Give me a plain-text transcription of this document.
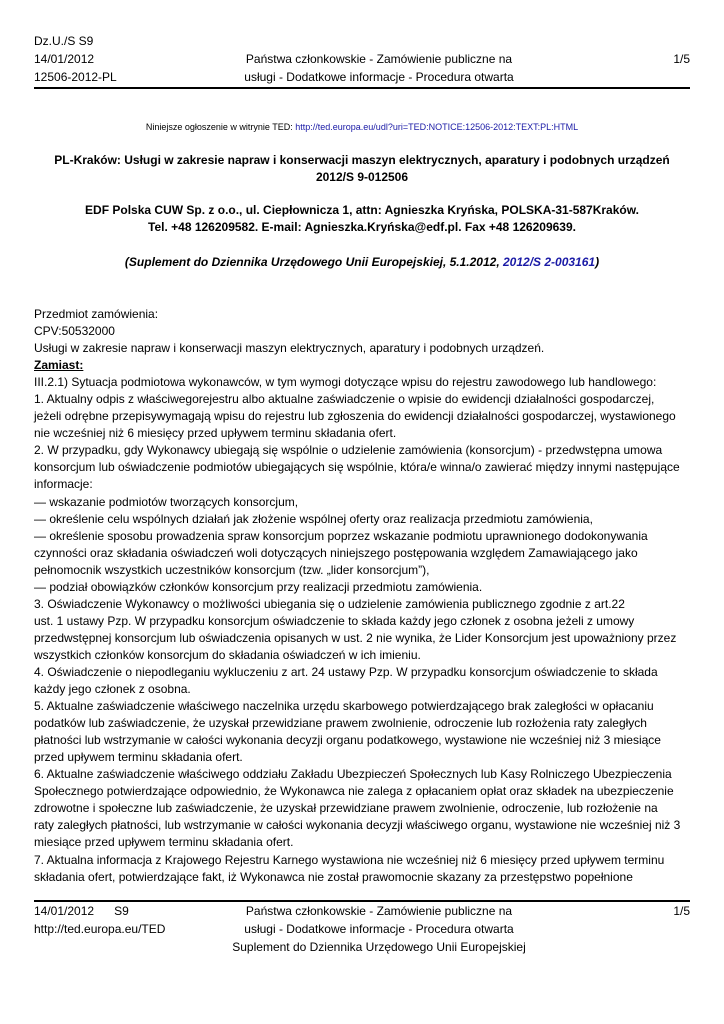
Dz.U./S S9
14/01/2012
12506-2012-PL
Państwa członkowskie - Zamówienie publiczne na
usługi - Dodatkowe informacje - Procedura otwarta
1/5
Niniejsze ogłoszenie w witrynie TED: http://ted.europa.eu/udl?uri=TED:NOTICE:12506-2012:TEXT:PL:HTML
PL-Kraków: Usługi w zakresie napraw i konserwacji maszyn elektrycznych, aparatury i podobnych urządzeń
2012/S 9-012506
EDF Polska CUW Sp. z o.o., ul. Ciepłownicza 1, attn: Agnieszka Kryńska, POLSKA-31-587Kraków.
Tel. +48 126209582. E-mail: Agnieszka.Kryńska@edf.pl. Fax +48 126209639.
(Suplement do Dziennika Urzędowego Unii Europejskiej, 5.1.2012, 2012/S 2-003161)
Przedmiot zamówienia:
CPV:50532000
Usługi w zakresie napraw i konserwacji maszyn elektrycznych, aparatury i podobnych urządzeń.
Zamiast:
III.2.1) Sytuacja podmiotowa wykonawców, w tym wymogi dotyczące wpisu do rejestru zawodowego lub handlowego:
1. Aktualny odpis z właściwegorejestru albo aktualne zaświadczenie o wpisie do ewidencji działalności gospodarczej,
jeżeli odrębne przepisywymagają wpisu do rejestru lub zgłoszenia do ewidencji działalności gospodarczej, wystawionego
nie wcześniej niż 6 miesięcy przed upływem terminu składania ofert.
2. W przypadku, gdy Wykonawcy ubiegają się wspólnie o udzielenie zamówienia (konsorcjum) - przedwstępna umowa
konsorcjum lub oświadczenie podmiotów ubiegających się wspólnie, która/e winna/o zawierać między innymi następujące
informacje:
— wskazanie podmiotów tworzących konsorcjum,
— określenie celu wspólnych działań jak złożenie wspólnej oferty oraz realizacja przedmiotu zamówienia,
— określenie sposobu prowadzenia spraw konsorcjum poprzez wskazanie podmiotu uprawnionego dodokonywania
czynności oraz składania oświadczeń woli dotyczących niniejszego postępowania względem Zamawiającego jako
pełnomocnik wszystkich uczestników konsorcjum (tzw. „lider konsorcjum”),
— podział obowiązków członków konsorcjum przy realizacji przedmiotu zamówienia.
3. Oświadczenie Wykonawcy o możliwości ubiegania się o udzielenie zamówienia publicznego zgodnie z art.22
ust. 1 ustawy Pzp. W przypadku konsorcjum oświadczenie to składa każdy jego członek z osobna jeżeli z umowy
przedwstępnej konsorcjum lub oświadczenia opisanych w ust. 2 nie wynika, że Lider Konsorcjum jest upoważniony przez
wszystkich członków konsorcjum do składania oświadczeń w ich imieniu.
4. Oświadczenie o niepodleganiu wykluczeniu z art. 24 ustawy Pzp. W przypadku konsorcjum oświadczenie to składa
każdy jego członek z osobna.
5. Aktualne zaświadczenie właściwego naczelnika urzędu skarbowego potwierdzającego brak zaległości w opłacaniu
podatków lub zaświadczenie, że uzyskał przewidziane prawem zwolnienie, odroczenie lub rozłożenia raty zaległych
płatności lub wstrzymanie w całości wykonania decyzji organu podatkowego, wystawione nie wcześniej niż 3 miesiące
przed upływem terminu składania ofert.
6. Aktualne zaświadczenie właściwego oddziału Zakładu Ubezpieczeń Społecznych lub Kasy Rolniczego Ubezpieczenia
Społecznego potwierdzające odpowiednio, że Wykonawca nie zalega z opłacaniem opłat oraz składek na ubezpieczenie
zdrowotne i społeczne lub zaświadczenie, że uzyskał przewidziane prawem zwolnienie, odroczenie, lub rozłożenie na
raty zaległych płatności, lub wstrzymanie w całości wykonania decyzji właściwego organu, wystawione nie wcześniej niż 3
miesiące przed upływem terminu składania ofert.
7. Aktualna informacja z Krajowego Rejestru Karnego wystawiona nie wcześniej niż 6 miesięcy przed upływem terminu
składania ofert, potwierdzające fakt, iż Wykonawca nie został prawomocnie skazany za przestępstwo popełnione
14/01/2012 S9
http://ted.europa.eu/TED
Państwa członkowskie - Zamówienie publiczne na
usługi - Dodatkowe informacje - Procedura otwarta
Suplement do Dziennika Urzędowego Unii Europejskiej
1/5
